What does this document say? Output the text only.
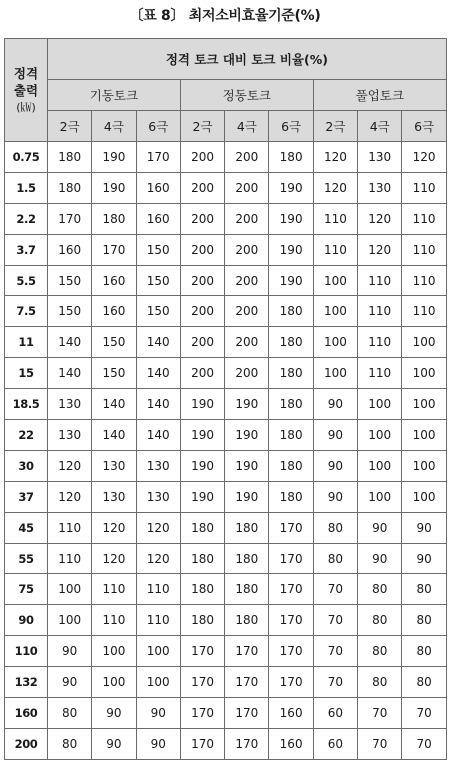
〔표 8〕 최저소비효율기준(%)
정격
출력
(㎾)	정격 토크 대비 토크 비율(%)								
	기동토크			정동토크			풀업토크		
	2극	4극	6극	2극	4극	6극	2극	4극	6극
0.75	180	190	170	200	200	180	120	130	120
1.5	180	190	160	200	200	190	120	130	110
2.2	170	180	160	200	200	190	110	120	110
3.7	160	170	150	200	200	190	110	120	110
5.5	150	160	150	200	200	190	100	110	110
7.5	150	160	150	200	200	180	100	110	110
11	140	150	140	200	200	180	100	110	100
15	140	150	140	200	200	180	100	110	100
18.5	130	140	140	190	190	180	90	100	100
22	130	140	140	190	190	180	90	100	100
30	120	130	130	190	190	180	90	100	100
37	120	130	130	190	190	180	90	100	100
45	110	120	120	180	180	170	80	90	90
55	110	120	120	180	180	170	80	90	90
75	100	110	110	180	180	170	70	80	80
90	100	110	110	180	180	170	70	80	80
110	90	100	100	170	170	170	70	80	80
132	90	100	100	170	170	170	70	80	80
160	80	90	90	170	170	160	60	70	70
200	80	90	90	170	170	160	60	70	70
